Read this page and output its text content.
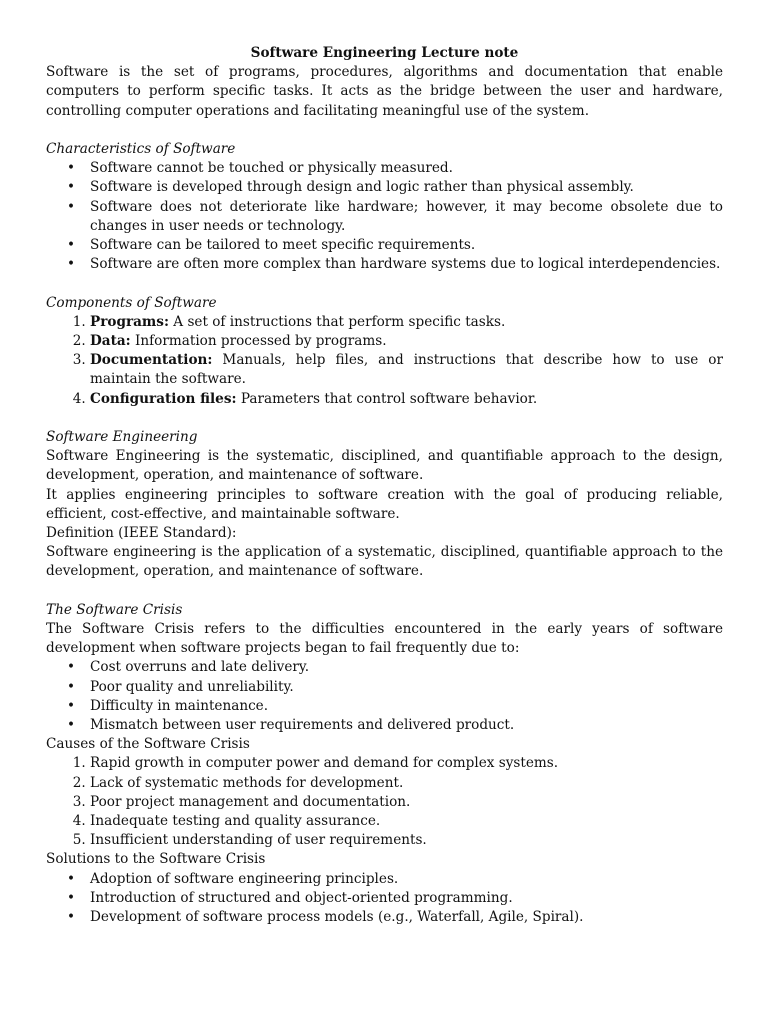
Software Engineering Lecture note

Software is the set of programs, procedures, algorithms and documentation that enable computers to perform specific tasks. It acts as the bridge between the user and hardware, controlling computer operations and facilitating meaningful use of the system.

Characteristics of Software

• Software cannot be touched or physically measured.
• Software is developed through design and logic rather than physical assembly.
• Software does not deteriorate like hardware; however, it may become obsolete due to changes in user needs or technology.
• Software can be tailored to meet specific requirements.
• Software are often more complex than hardware systems due to logical interdependencies.

Components of Software

1. Programs: A set of instructions that perform specific tasks.
2. Data: Information processed by programs.
3. Documentation: Manuals, help files, and instructions that describe how to use or maintain the software.
4. Configuration files: Parameters that control software behavior.

Software Engineering

Software Engineering is the systematic, disciplined, and quantifiable approach to the design, development, operation, and maintenance of software.

It applies engineering principles to software creation with the goal of producing reliable, efficient, cost-effective, and maintainable software.

Definition (IEEE Standard):

Software engineering is the application of a systematic, disciplined, quantifiable approach to the development, operation, and maintenance of software.

The Software Crisis

The Software Crisis refers to the difficulties encountered in the early years of software development when software projects began to fail frequently due to:

• Cost overruns and late delivery.
• Poor quality and unreliability.
• Difficulty in maintenance.
• Mismatch between user requirements and delivered product.

Causes of the Software Crisis

1. Rapid growth in computer power and demand for complex systems.
2. Lack of systematic methods for development.
3. Poor project management and documentation.
4. Inadequate testing and quality assurance.
5. Insufficient understanding of user requirements.

Solutions to the Software Crisis

• Adoption of software engineering principles.
• Introduction of structured and object-oriented programming.
• Development of software process models (e.g., Waterfall, Agile, Spiral).
